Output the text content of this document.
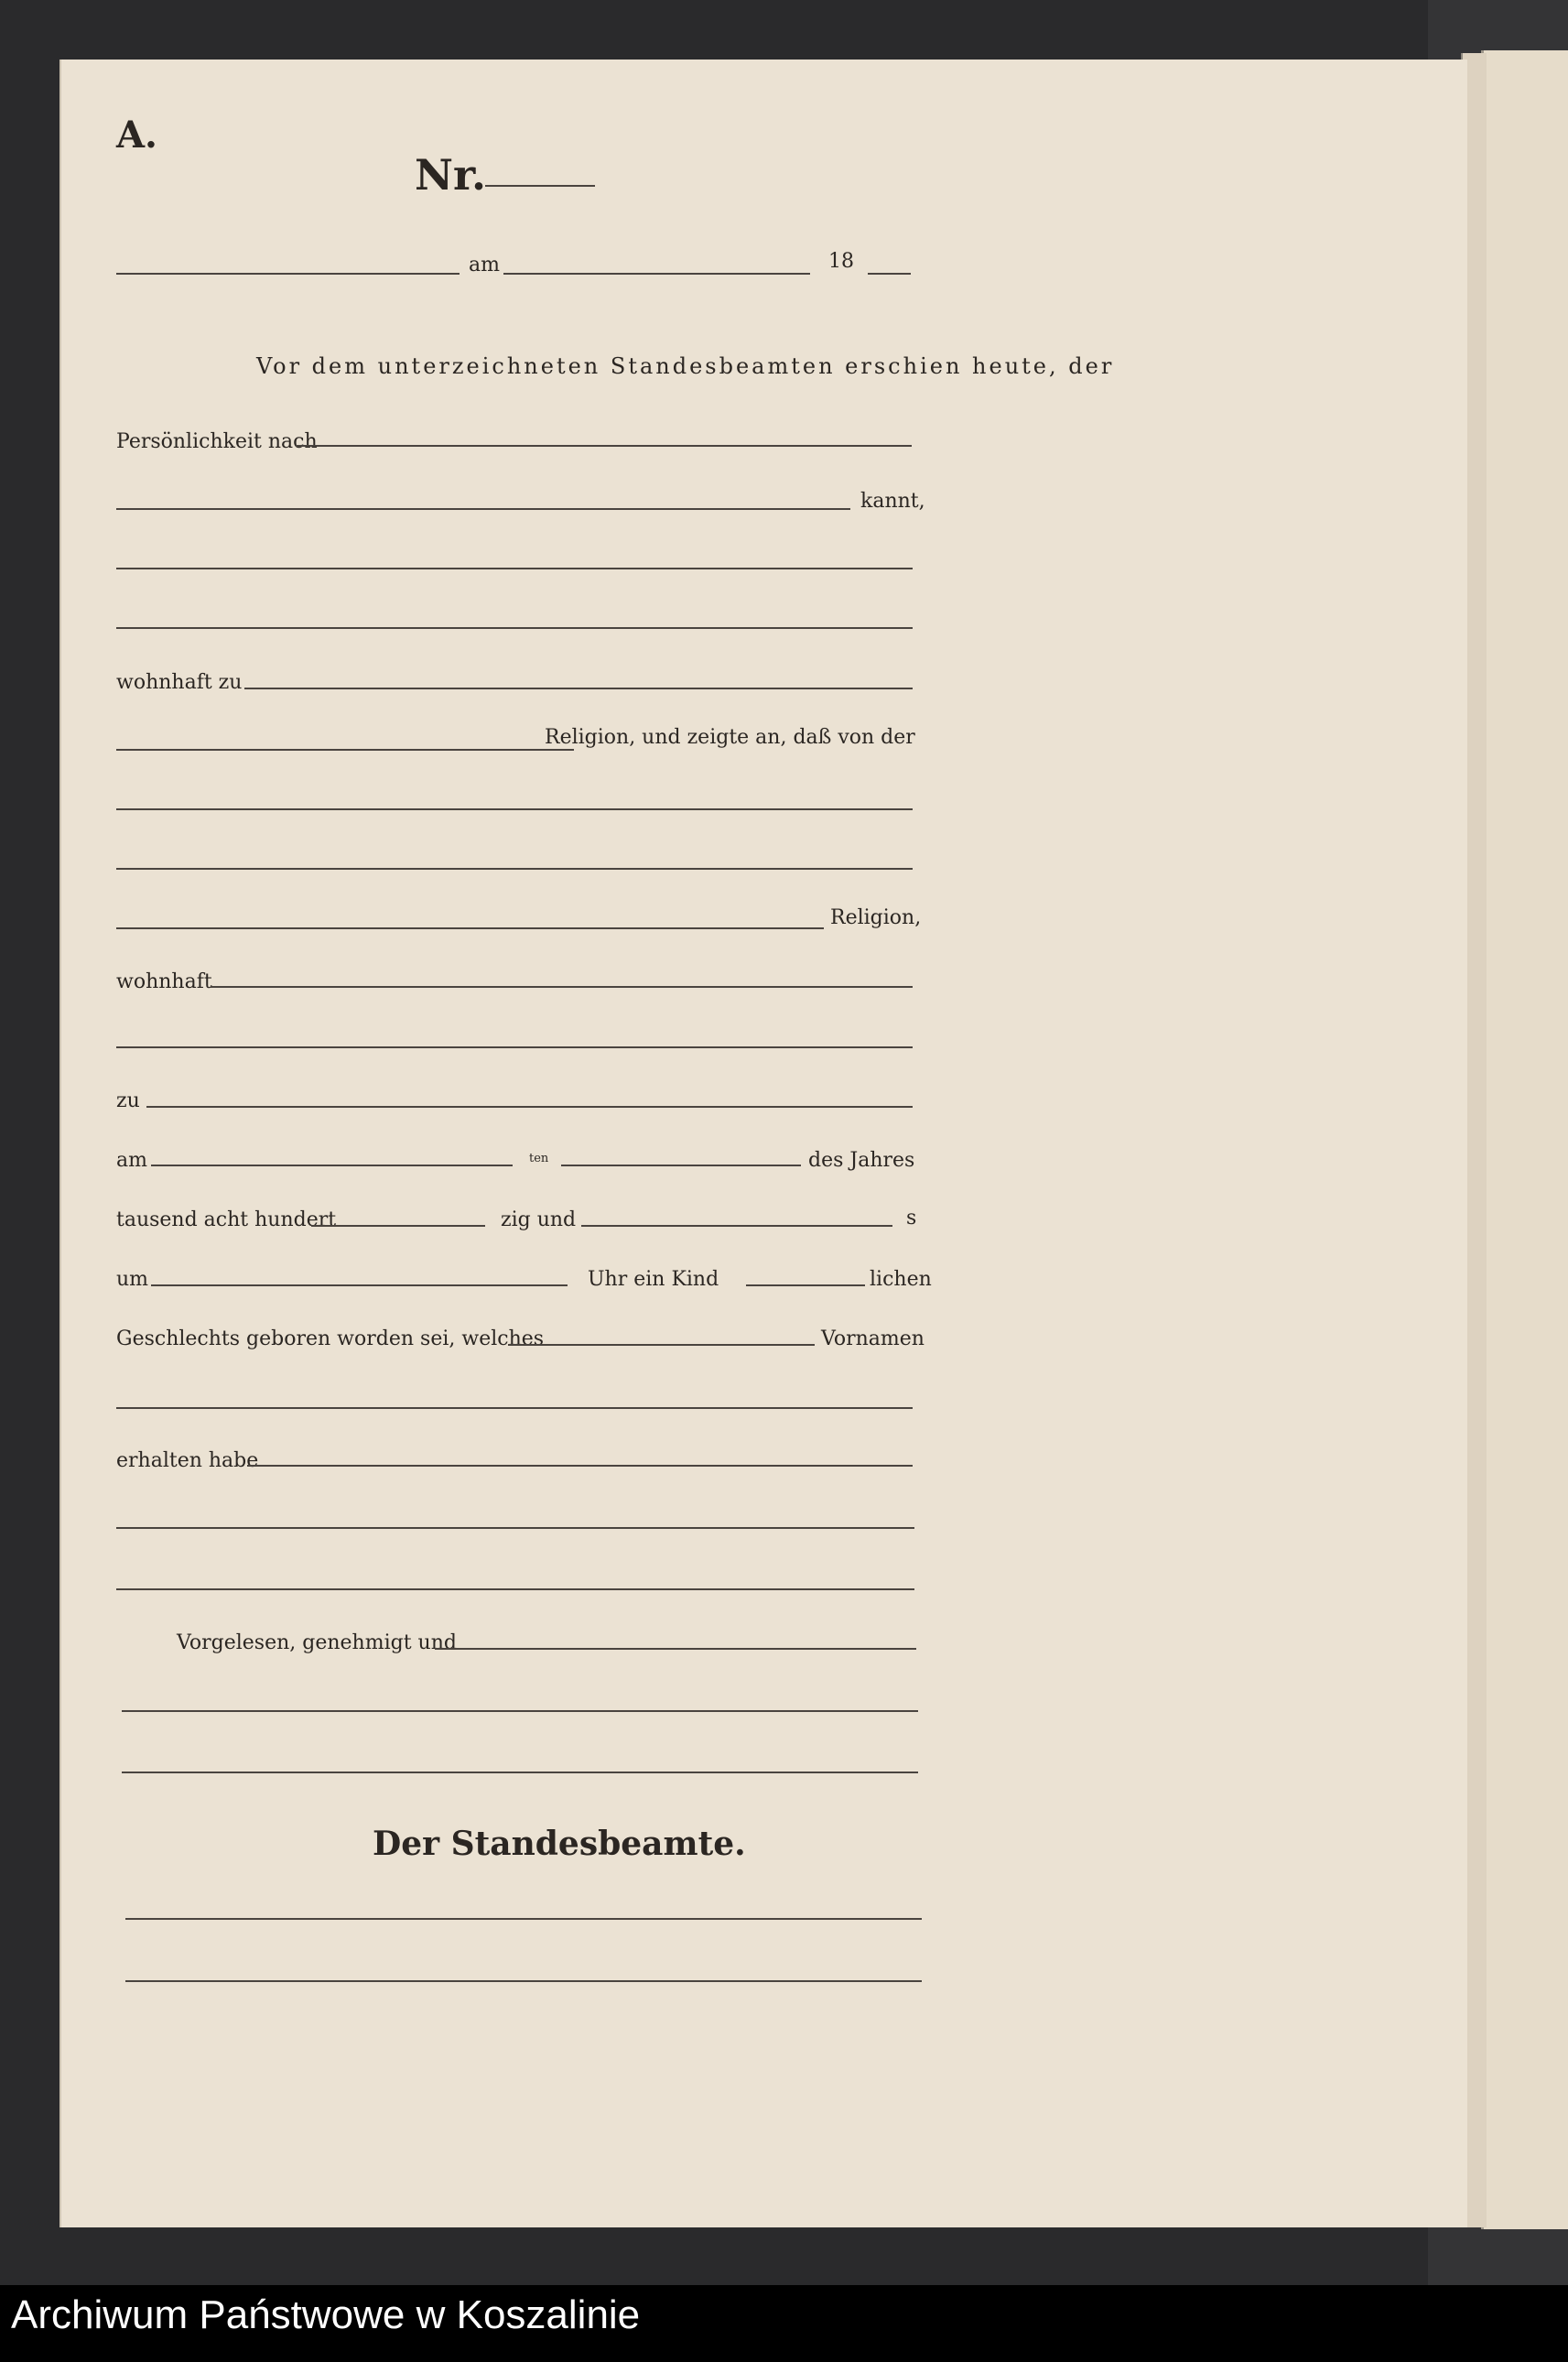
A.
Nr.
am	18
Vor dem unterzeichneten Standesbeamten erschien heute, der
Persönlichkeit nach
kannt,
wohnhaft zu
Religion, und zeigte an, daß von der
Religion,
wohnhaft
zu
am	ten	des Jahres
tausend acht hundert	zig und	s
um	Uhr ein Kind	lichen
Geschlechts geboren worden sei, welches	Vornamen
erhalten habe
Vorgelesen, genehmigt und
Der Standesbeamte.
Archiwum Państwowe w Koszalinie
